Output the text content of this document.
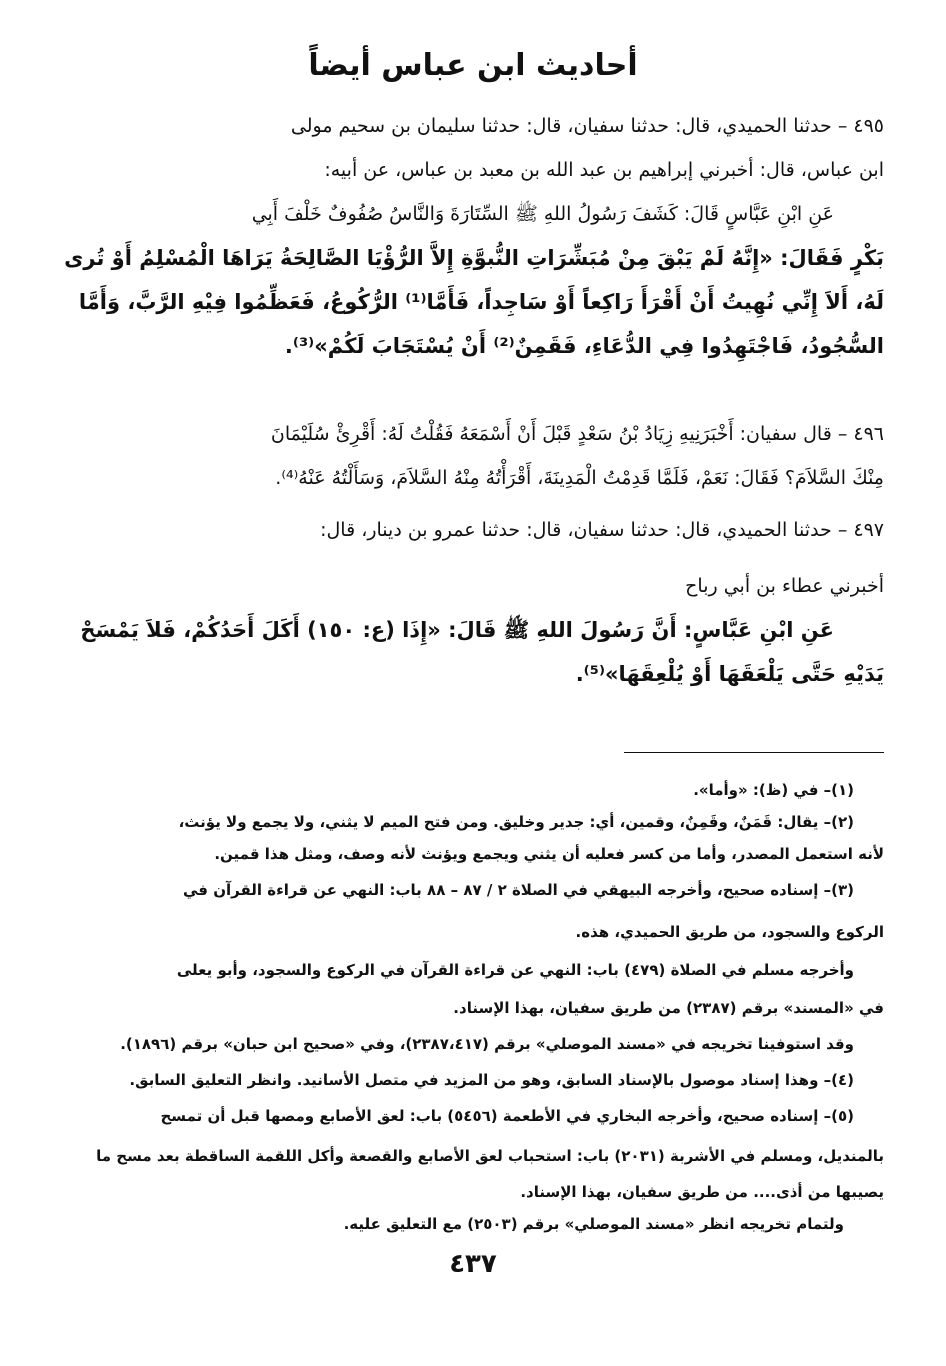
أحاديث ابن عباس أيضاً
٤٩٥ – حدثنا الحميدي، قال: حدثنا سفيان، قال: حدثنا سليمان بن سحيم مولى
ابن عباس، قال: أخبرني إبراهيم بن عبد الله بن معبد بن عباس، عن أبيه:
عَنِ ابْنِ عَبَّاسٍ قَالَ: كَشَفَ رَسُولُ اللهِ ﷺ السِّتَارَةَ وَالنَّاسُ صُفُوفٌ خَلْفَ أَبِي
بَكْرٍ فَقَالَ: «إِنَّهُ لَمْ يَبْقَ مِنْ مُبَشِّرَاتِ النُّبوَّةِ إِلاَّ الرُّؤْيَا الصَّالِحَةُ يَرَاهَا الْمُسْلِمُ أَوْ تُرى
لَهُ، أَلاَ إِنِّي نُهِيتُ أَنْ أَقْرَأَ رَاكِعاً أَوْ سَاجِداً، فَأَمَّا⁽¹⁾ الرُّكُوعُ، فَعَظِّمُوا فِيْهِ الرَّبَّ، وَأَمَّا
السُّجُودُ، فَاجْتَهِدُوا فِي الدُّعَاءِ، فَقَمِنٌ⁽²⁾ أَنْ يُسْتَجَابَ لَكُمْ»⁽³⁾.
٤٩٦ – قال سفيان: أَخْبَرَنِيهِ زِيَادُ بْنُ سَعْدٍ قَبْلَ أَنْ أَسْمَعَهُ فَقُلْتُ لَهُ: أَقْرِئْ سُلَيْمَانَ
مِنْكَ السَّلاَمَ؟ فَقَالَ: نَعَمْ، فَلَمَّا قَدِمْتُ الْمَدِينَةَ، أَقْرَأْتُهُ مِنْهُ السَّلاَمَ، وَسَأَلْتُهُ عَنْهُ⁽⁴⁾.
٤٩٧ – حدثنا الحميدي، قال: حدثنا سفيان، قال: حدثنا عمرو بن دينار، قال:
أخبرني عطاء بن أبي رباح
عَنِ ابْنِ عَبَّاسٍ: أَنَّ رَسُولَ اللهِ ﷺ قَالَ: «إِذَا (ع: ١٥٠) أَكَلَ أَحَدُكُمْ، فَلاَ يَمْسَحْ
يَدَيْهِ حَتَّى يَلْعَقَهَا أَوْ يُلْعِقَهَا»⁽⁵⁾.
(١)– في (ظ): «وأما».
(٢)– يقال: قَمَنٌ، وقَمِنٌ، وقمين، أي: جدير وخليق. ومن فتح الميم لا يثني، ولا يجمع ولا يؤنث،
لأنه استعمل المصدر، وأما من كسر فعليه أن يثني ويجمع ويؤنث لأنه وصف، ومثل هذا قمين.
(٣)– إسناده صحيح، وأخرجه البيهقي في الصلاة ٢ / ٨٧ – ٨٨ باب: النهي عن قراءة القرآن في
الركوع والسجود، من طريق الحميدي، هذه.
وأخرجه مسلم في الصلاة (٤٧٩) باب: النهي عن قراءة القرآن في الركوع والسجود، وأبو يعلى
في «المسند» برقم (٢٣٨٧) من طريق سفيان، بهذا الإسناد.
وقد استوفينا تخريجه في «مسند الموصلي» برقم (٢٣٨٧،٤١٧)، وفي «صحيح ابن حبان» برقم (١٨٩٦).
(٤)– وهذا إسناد موصول بالإسناد السابق، وهو من المزيد في متصل الأسانيد. وانظر التعليق السابق.
(٥)– إسناده صحيح، وأخرجه البخاري في الأطعمة (٥٤٥٦) باب: لعق الأصابع ومصها قبل أن تمسح
بالمنديل، ومسلم في الأشربة (٢٠٣١) باب: استحباب لعق الأصابع والقصعة وأكل اللقمة الساقطة بعد مسح ما
يصيبها من أذى.... من طريق سفيان، بهذا الإسناد.
ولتمام تخريجه انظر «مسند الموصلي» برقم (٢٥٠٣) مع التعليق عليه.
٤٣٧
